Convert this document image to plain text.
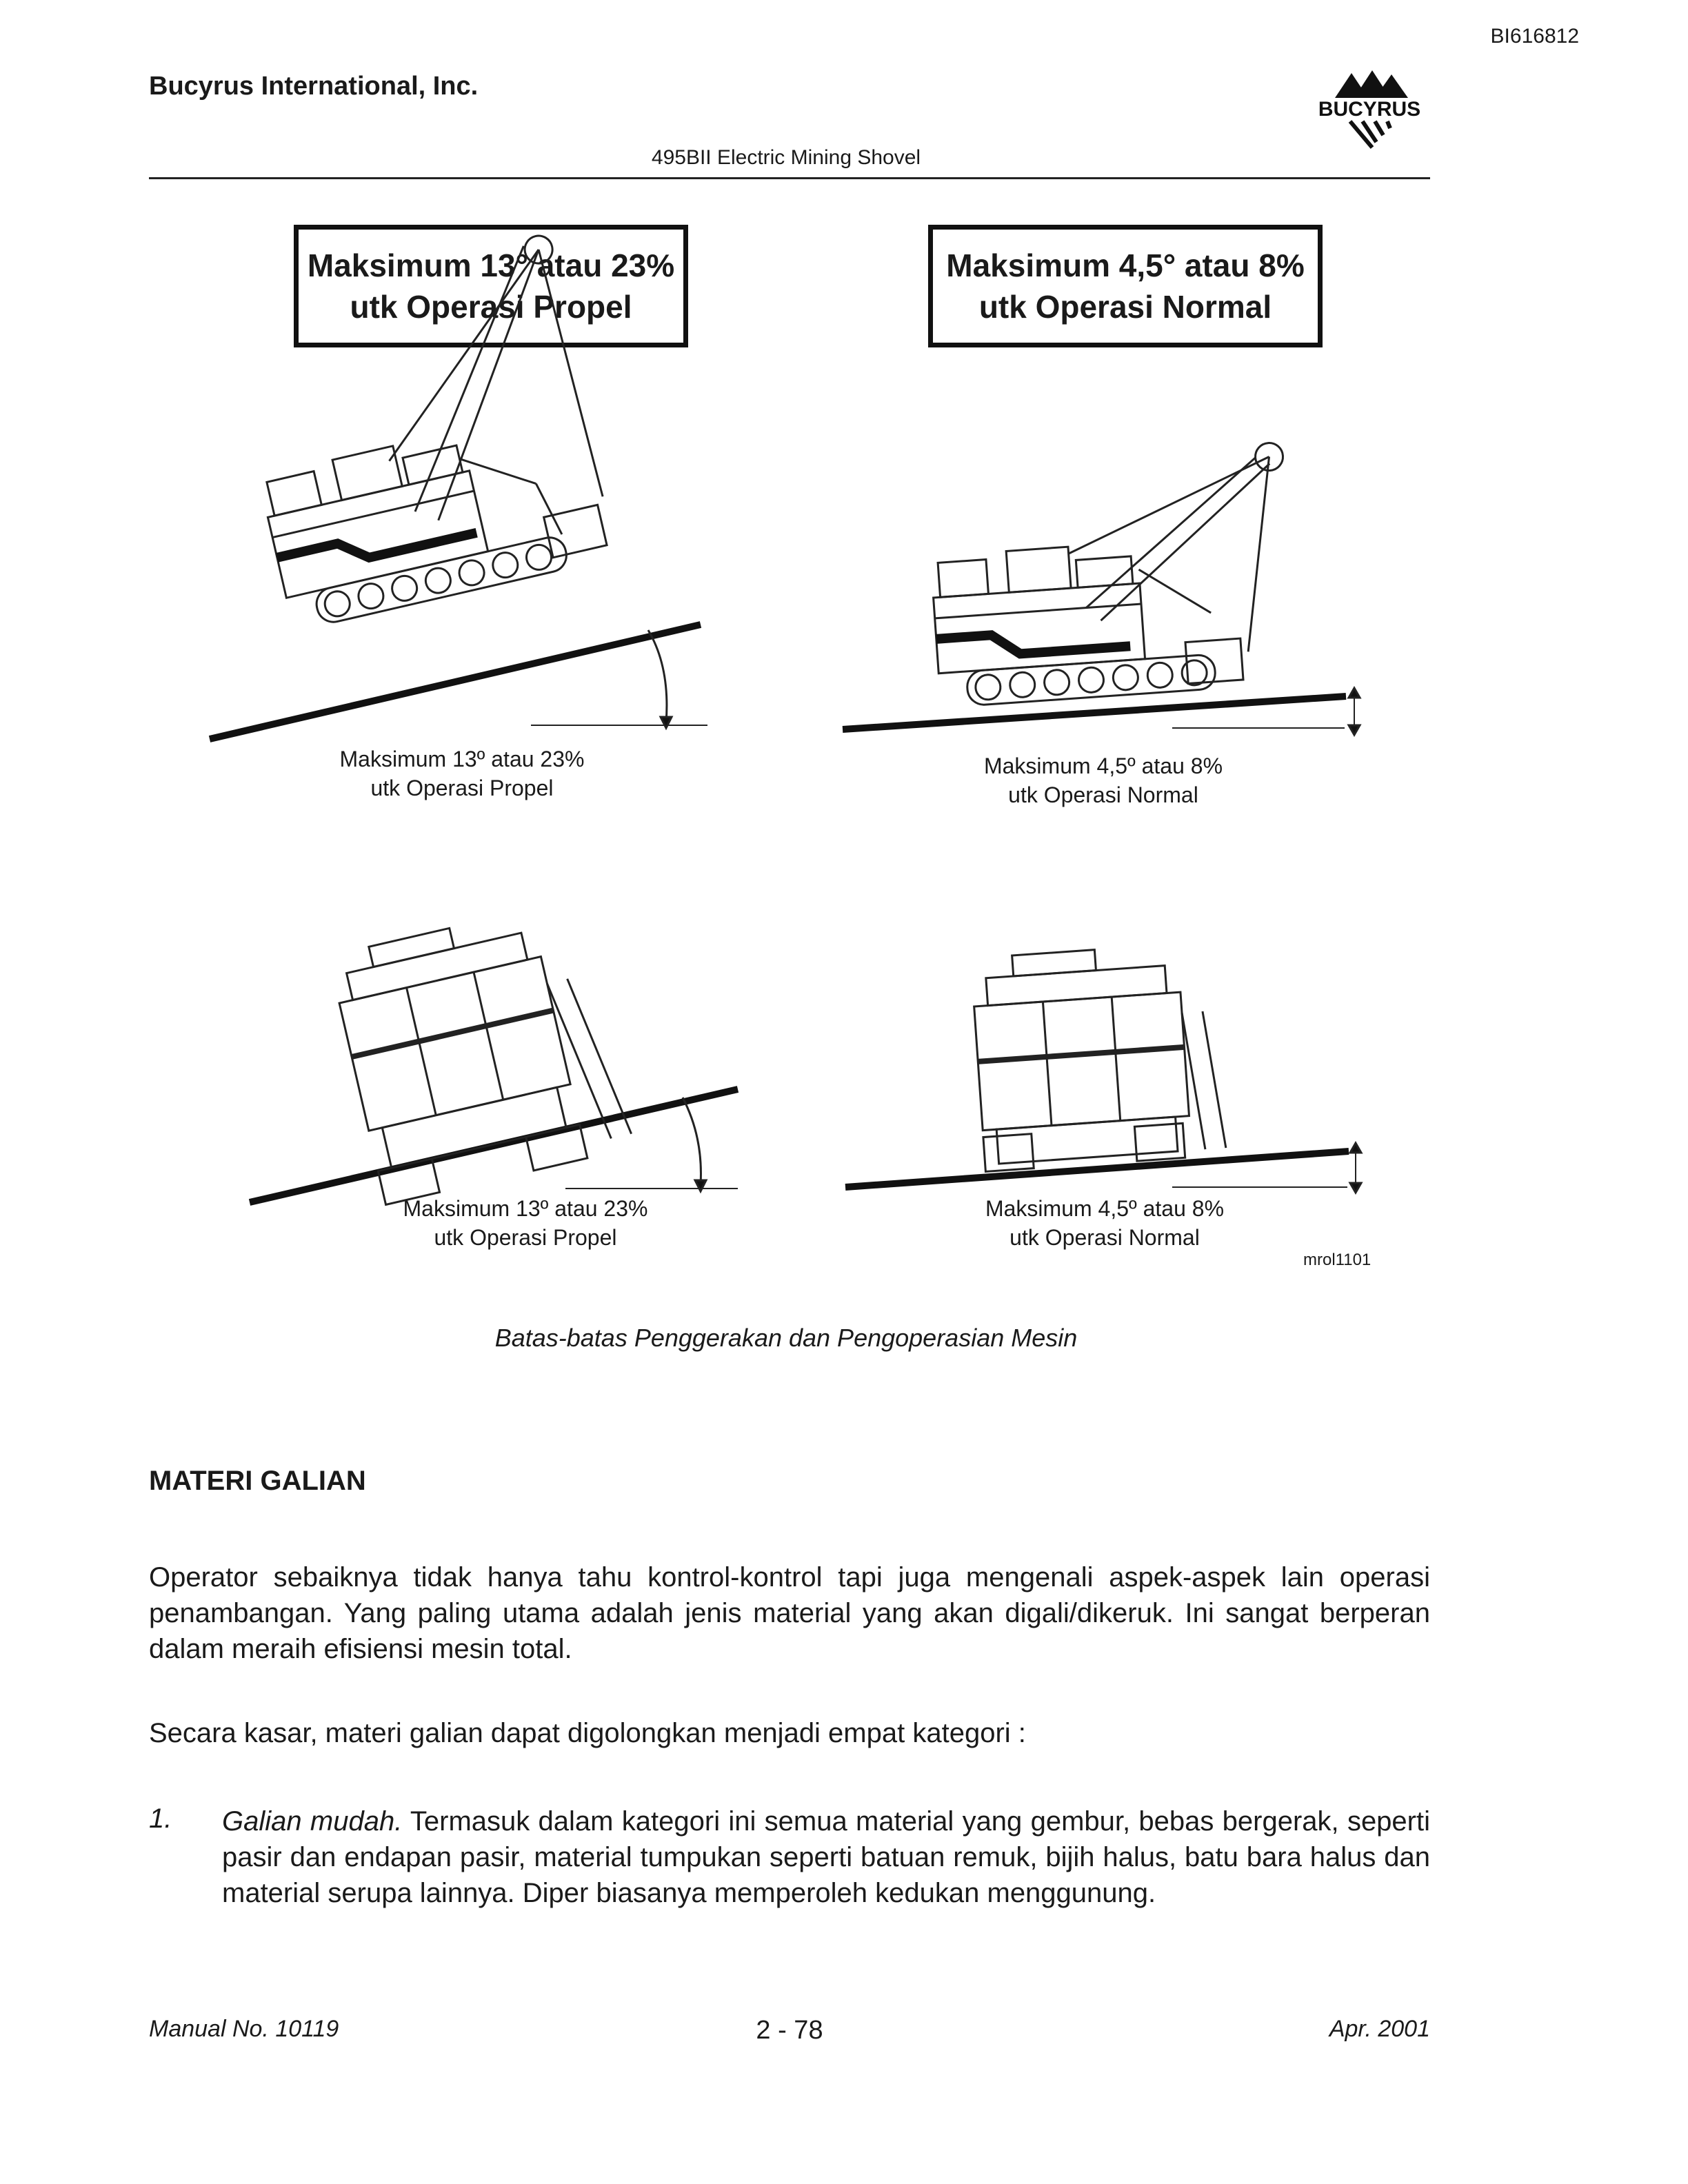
BI616812
Bucyrus International, Inc.
BUCYRUS
495BII Electric Mining Shovel
Maksimum 13° atau 23%
utk Operasi Propel
Maksimum 4,5° atau 8%
utk Operasi Normal
Maksimum 13º atau 23%
utk Operasi Propel
Maksimum 4,5º atau 8%
utk Operasi Normal
Maksimum 13º atau 23%
utk Operasi Propel
Maksimum 4,5º atau 8%
utk Operasi Normal
mrol1101
Batas-batas Penggerakan dan Pengoperasian Mesin
MATERI GALIAN
Operator sebaiknya tidak hanya tahu kontrol-kontrol tapi juga mengenali aspek-aspek lain operasi penambangan. Yang paling utama adalah jenis material yang akan digali/dikeruk. Ini sangat berperan dalam meraih efisiensi mesin total.
Secara kasar, materi galian dapat digolongkan menjadi empat kategori :
1. Galian mudah. Termasuk dalam kategori ini semua material yang gembur, bebas bergerak, seperti pasir dan endapan pasir, material tumpukan seperti batuan remuk, bijih halus, batu bara halus dan material serupa lainnya. Diper biasanya memperoleh kedukan menggunung.
Manual No. 10119	2 - 78	Apr. 2001
